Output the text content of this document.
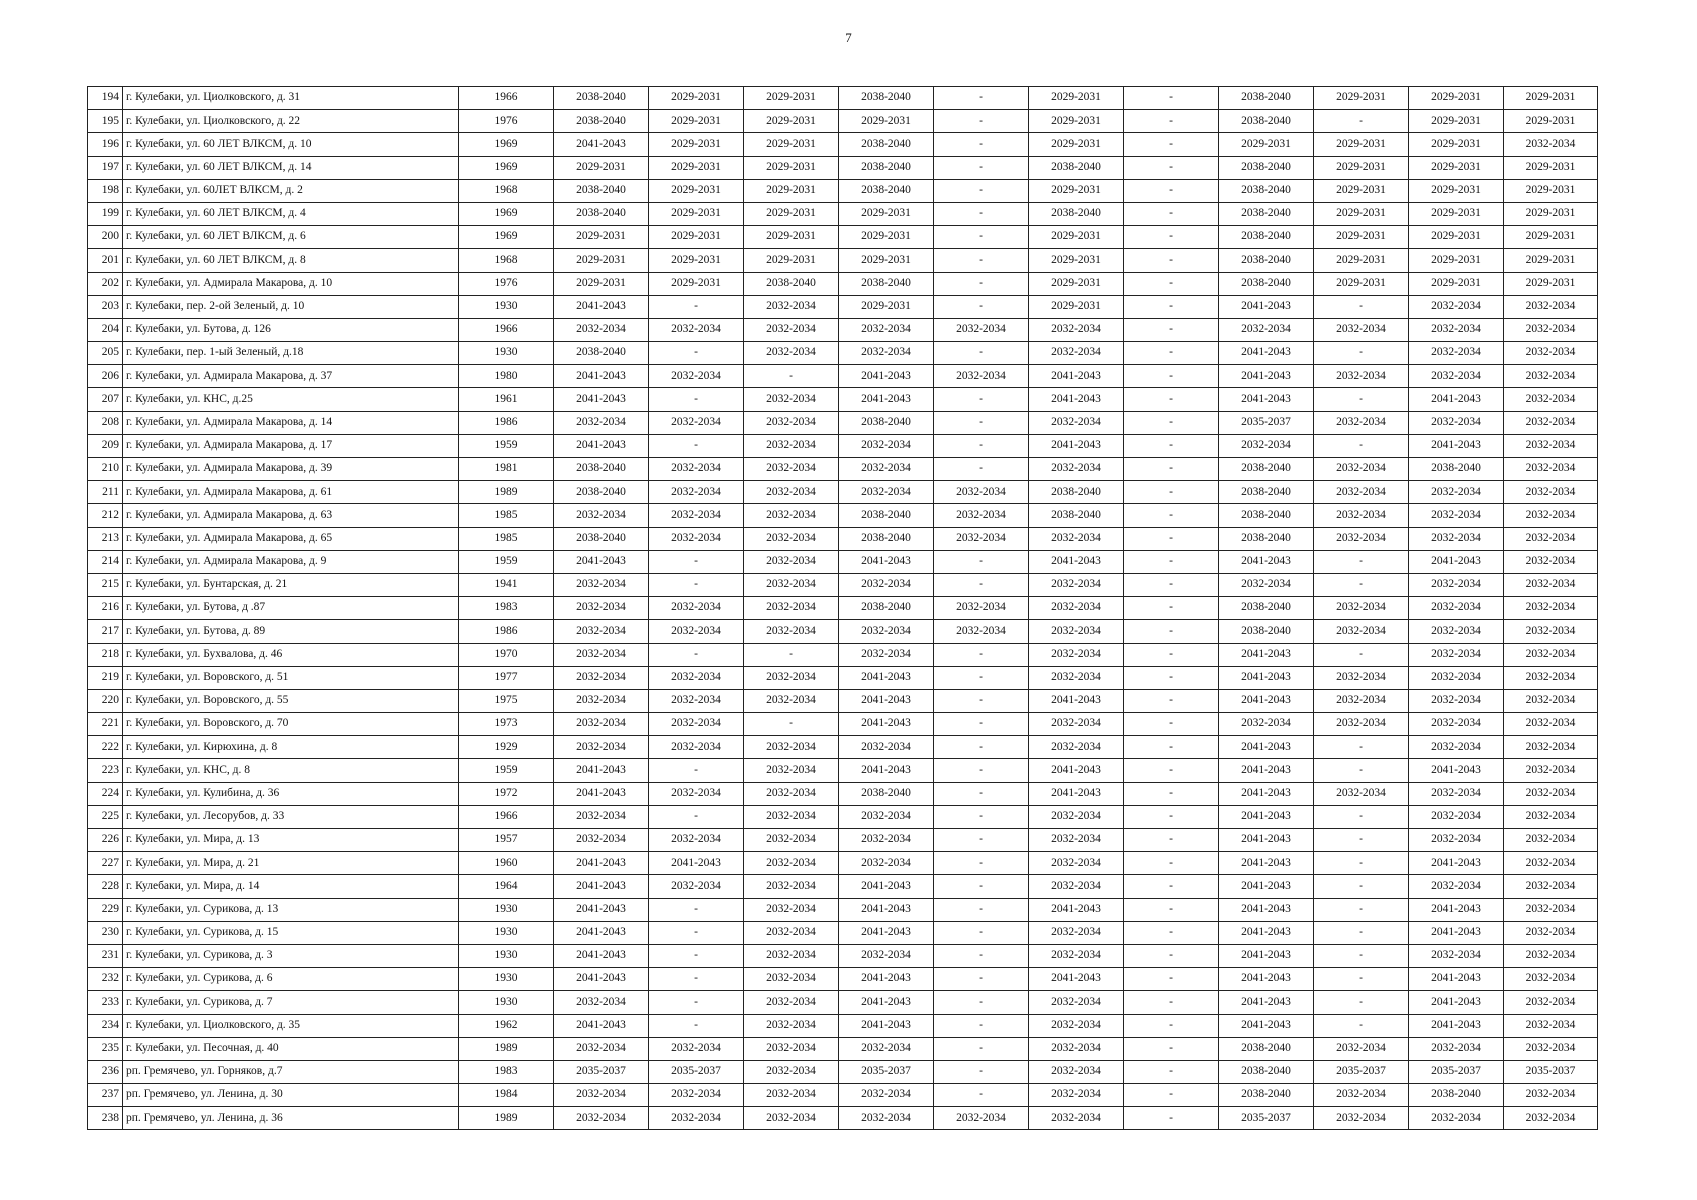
7
194	г. Кулебаки, ул. Циолковского, д. 31	1966	2038-2040	2029-2031	2029-2031	2038-2040	-	2029-2031	-	2038-2040	2029-2031	2029-2031	2029-2031
195	г. Кулебаки, ул. Циолковского, д. 22	1976	2038-2040	2029-2031	2029-2031	2029-2031	-	2029-2031	-	2038-2040	-	2029-2031	2029-2031
196	г. Кулебаки, ул. 60 ЛЕТ ВЛКСМ, д. 10	1969	2041-2043	2029-2031	2029-2031	2038-2040	-	2029-2031	-	2029-2031	2029-2031	2029-2031	2032-2034
197	г. Кулебаки, ул. 60 ЛЕТ ВЛКСМ, д. 14	1969	2029-2031	2029-2031	2029-2031	2038-2040	-	2038-2040	-	2038-2040	2029-2031	2029-2031	2029-2031
198	г. Кулебаки, ул. 60ЛЕТ ВЛКСМ, д. 2	1968	2038-2040	2029-2031	2029-2031	2038-2040	-	2029-2031	-	2038-2040	2029-2031	2029-2031	2029-2031
199	г. Кулебаки, ул. 60 ЛЕТ ВЛКСМ, д. 4	1969	2038-2040	2029-2031	2029-2031	2029-2031	-	2038-2040	-	2038-2040	2029-2031	2029-2031	2029-2031
200	г. Кулебаки, ул. 60 ЛЕТ ВЛКСМ, д. 6	1969	2029-2031	2029-2031	2029-2031	2029-2031	-	2029-2031	-	2038-2040	2029-2031	2029-2031	2029-2031
201	г. Кулебаки, ул. 60 ЛЕТ ВЛКСМ, д. 8	1968	2029-2031	2029-2031	2029-2031	2029-2031	-	2029-2031	-	2038-2040	2029-2031	2029-2031	2029-2031
202	г. Кулебаки, ул. Адмирала Макарова, д. 10	1976	2029-2031	2029-2031	2038-2040	2038-2040	-	2029-2031	-	2038-2040	2029-2031	2029-2031	2029-2031
203	г. Кулебаки, пер. 2-ой Зеленый, д. 10	1930	2041-2043	-	2032-2034	2029-2031	-	2029-2031	-	2041-2043	-	2032-2034	2032-2034
204	г. Кулебаки, ул. Бутова, д. 126	1966	2032-2034	2032-2034	2032-2034	2032-2034	2032-2034	2032-2034	-	2032-2034	2032-2034	2032-2034	2032-2034
205	г. Кулебаки, пер. 1-ый Зеленый, д.18	1930	2038-2040	-	2032-2034	2032-2034	-	2032-2034	-	2041-2043	-	2032-2034	2032-2034
206	г. Кулебаки, ул. Адмирала Макарова, д. 37	1980	2041-2043	2032-2034	-	2041-2043	2032-2034	2041-2043	-	2041-2043	2032-2034	2032-2034	2032-2034
207	г. Кулебаки, ул. КНС, д.25	1961	2041-2043	-	2032-2034	2041-2043	-	2041-2043	-	2041-2043	-	2041-2043	2032-2034
208	г. Кулебаки, ул. Адмирала Макарова, д. 14	1986	2032-2034	2032-2034	2032-2034	2038-2040	-	2032-2034	-	2035-2037	2032-2034	2032-2034	2032-2034
209	г. Кулебаки, ул. Адмирала Макарова, д. 17	1959	2041-2043	-	2032-2034	2032-2034	-	2041-2043	-	2032-2034	-	2041-2043	2032-2034
210	г. Кулебаки, ул. Адмирала Макарова, д. 39	1981	2038-2040	2032-2034	2032-2034	2032-2034	-	2032-2034	-	2038-2040	2032-2034	2038-2040	2032-2034
211	г. Кулебаки, ул. Адмирала Макарова, д. 61	1989	2038-2040	2032-2034	2032-2034	2032-2034	2032-2034	2038-2040	-	2038-2040	2032-2034	2032-2034	2032-2034
212	г. Кулебаки, ул. Адмирала Макарова, д. 63	1985	2032-2034	2032-2034	2032-2034	2038-2040	2032-2034	2038-2040	-	2038-2040	2032-2034	2032-2034	2032-2034
213	г. Кулебаки, ул. Адмирала Макарова, д. 65	1985	2038-2040	2032-2034	2032-2034	2038-2040	2032-2034	2032-2034	-	2038-2040	2032-2034	2032-2034	2032-2034
214	г. Кулебаки, ул. Адмирала Макарова, д. 9	1959	2041-2043	-	2032-2034	2041-2043	-	2041-2043	-	2041-2043	-	2041-2043	2032-2034
215	г. Кулебаки, ул. Бунтарская, д. 21	1941	2032-2034	-	2032-2034	2032-2034	-	2032-2034	-	2032-2034	-	2032-2034	2032-2034
216	г. Кулебаки, ул. Бутова, д .87	1983	2032-2034	2032-2034	2032-2034	2038-2040	2032-2034	2032-2034	-	2038-2040	2032-2034	2032-2034	2032-2034
217	г. Кулебаки, ул. Бутова, д. 89	1986	2032-2034	2032-2034	2032-2034	2032-2034	2032-2034	2032-2034	-	2038-2040	2032-2034	2032-2034	2032-2034
218	г. Кулебаки, ул. Бухвалова, д. 46	1970	2032-2034	-	-	2032-2034	-	2032-2034	-	2041-2043	-	2032-2034	2032-2034
219	г. Кулебаки, ул. Воровского, д. 51	1977	2032-2034	2032-2034	2032-2034	2041-2043	-	2032-2034	-	2041-2043	2032-2034	2032-2034	2032-2034
220	г. Кулебаки, ул. Воровского, д. 55	1975	2032-2034	2032-2034	2032-2034	2041-2043	-	2041-2043	-	2041-2043	2032-2034	2032-2034	2032-2034
221	г. Кулебаки, ул. Воровского, д. 70	1973	2032-2034	2032-2034	-	2041-2043	-	2032-2034	-	2032-2034	2032-2034	2032-2034	2032-2034
222	г. Кулебаки, ул. Кирюхина, д. 8	1929	2032-2034	2032-2034	2032-2034	2032-2034	-	2032-2034	-	2041-2043	-	2032-2034	2032-2034
223	г. Кулебаки, ул. КНС, д. 8	1959	2041-2043	-	2032-2034	2041-2043	-	2041-2043	-	2041-2043	-	2041-2043	2032-2034
224	г. Кулебаки, ул. Кулибина, д. 36	1972	2041-2043	2032-2034	2032-2034	2038-2040	-	2041-2043	-	2041-2043	2032-2034	2032-2034	2032-2034
225	г. Кулебаки, ул. Лесорубов, д. 33	1966	2032-2034	-	2032-2034	2032-2034	-	2032-2034	-	2041-2043	-	2032-2034	2032-2034
226	г. Кулебаки, ул. Мира, д. 13	1957	2032-2034	2032-2034	2032-2034	2032-2034	-	2032-2034	-	2041-2043	-	2032-2034	2032-2034
227	г. Кулебаки, ул. Мира, д. 21	1960	2041-2043	2041-2043	2032-2034	2032-2034	-	2032-2034	-	2041-2043	-	2041-2043	2032-2034
228	г. Кулебаки, ул. Мира, д. 14	1964	2041-2043	2032-2034	2032-2034	2041-2043	-	2032-2034	-	2041-2043	-	2032-2034	2032-2034
229	г. Кулебаки, ул. Сурикова, д. 13	1930	2041-2043	-	2032-2034	2041-2043	-	2041-2043	-	2041-2043	-	2041-2043	2032-2034
230	г. Кулебаки, ул. Сурикова, д. 15	1930	2041-2043	-	2032-2034	2041-2043	-	2032-2034	-	2041-2043	-	2041-2043	2032-2034
231	г. Кулебаки, ул. Сурикова, д. 3	1930	2041-2043	-	2032-2034	2032-2034	-	2032-2034	-	2041-2043	-	2032-2034	2032-2034
232	г. Кулебаки, ул. Сурикова, д. 6	1930	2041-2043	-	2032-2034	2041-2043	-	2041-2043	-	2041-2043	-	2041-2043	2032-2034
233	г. Кулебаки, ул. Сурикова, д. 7	1930	2032-2034	-	2032-2034	2041-2043	-	2032-2034	-	2041-2043	-	2041-2043	2032-2034
234	г. Кулебаки, ул. Циолковского, д. 35	1962	2041-2043	-	2032-2034	2041-2043	-	2032-2034	-	2041-2043	-	2041-2043	2032-2034
235	г. Кулебаки, ул. Песочная, д. 40	1989	2032-2034	2032-2034	2032-2034	2032-2034	-	2032-2034	-	2038-2040	2032-2034	2032-2034	2032-2034
236	рп. Гремячево, ул. Горняков, д.7	1983	2035-2037	2035-2037	2032-2034	2035-2037	-	2032-2034	-	2038-2040	2035-2037	2035-2037	2035-2037
237	рп. Гремячево, ул. Ленина, д. 30	1984	2032-2034	2032-2034	2032-2034	2032-2034	-	2032-2034	-	2038-2040	2032-2034	2038-2040	2032-2034
238	рп. Гремячево, ул. Ленина, д. 36	1989	2032-2034	2032-2034	2032-2034	2032-2034	2032-2034	2032-2034	-	2035-2037	2032-2034	2032-2034	2032-2034
